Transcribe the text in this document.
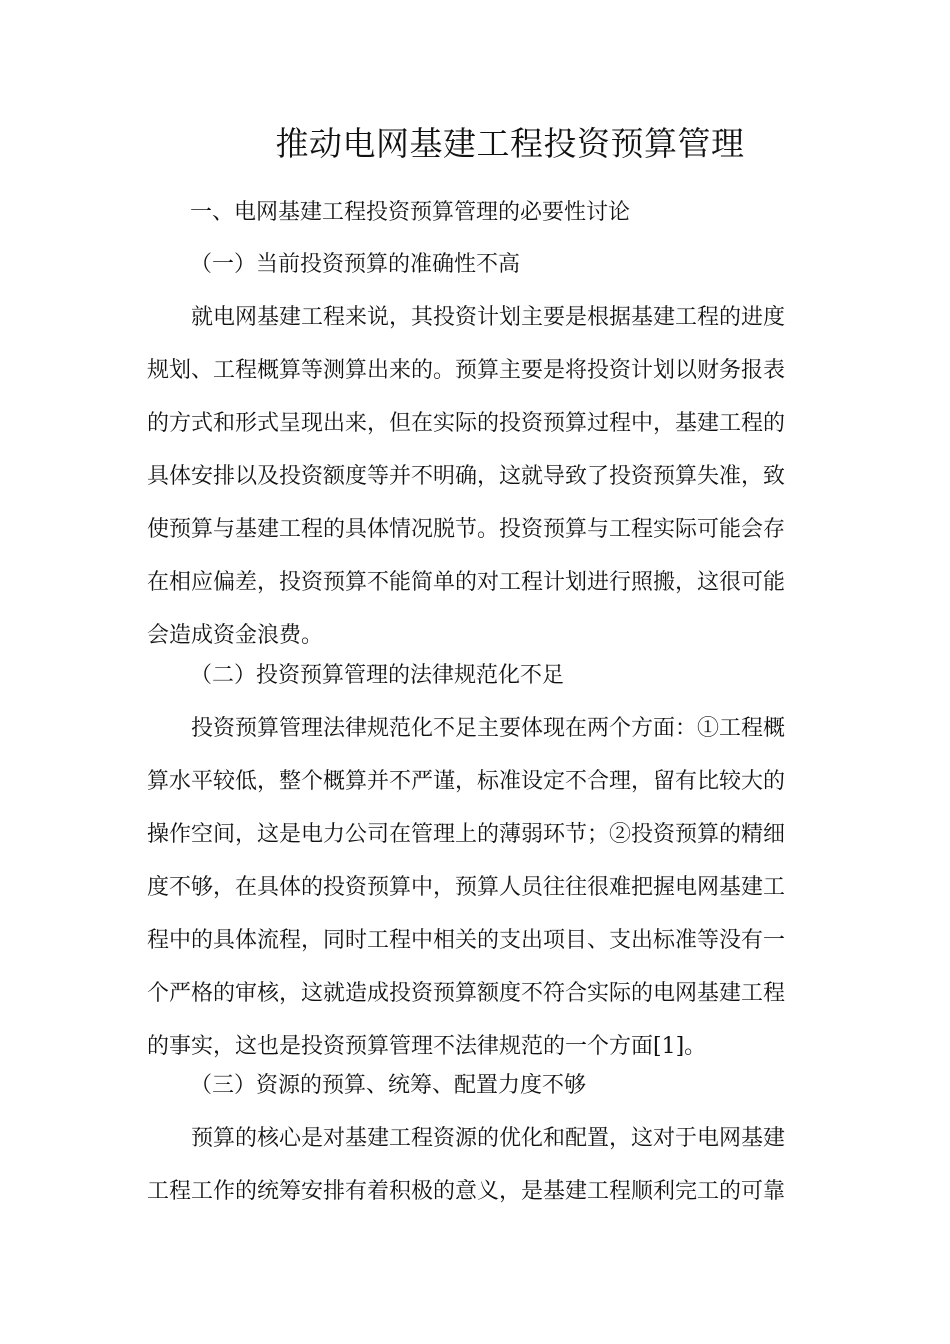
推动电网基建工程投资预算管理
一、电网基建工程投资预算管理的必要性讨论
（一）当前投资预算的准确性不高

就电网基建工程来说，其投资计划主要是根据基建工程的进度
规划、工程概算等测算出来的。预算主要是将投资计划以财务报表
的方式和形式呈现出来，但在实际的投资预算过程中，基建工程的
具体安排以及投资额度等并不明确，这就导致了投资预算失准，致
使预算与基建工程的具体情况脱节。投资预算与工程实际可能会存
在相应偏差，投资预算不能简单的对工程计划进行照搬，这很可能
会造成资金浪费。

（二）投资预算管理的法律规范化不足

投资预算管理法律规范化不足主要体现在两个方面：①工程概
算水平较低，整个概算并不严谨，标准设定不合理，留有比较大的
操作空间，这是电力公司在管理上的薄弱环节；②投资预算的精细
度不够，在具体的投资预算中，预算人员往往很难把握电网基建工
程中的具体流程，同时工程中相关的支出项目、支出标准等没有一
个严格的审核，这就造成投资预算额度不符合实际的电网基建工程
的事实，这也是投资预算管理不法律规范的一个方面[1]。

（三）资源的预算、统筹、配置力度不够

预算的核心是对基建工程资源的优化和配置，这对于电网基建
工程工作的统筹安排有着积极的意义，是基建工程顺利完工的可靠
